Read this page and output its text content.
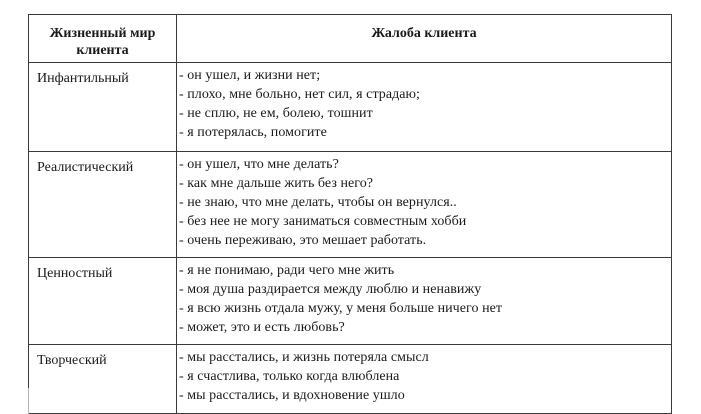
Жизненный мир клиента	Жалоба клиента
Инфантильный	- он ушел, и жизни нет;
- плохо, мне больно, нет сил, я страдаю;
- не сплю, не ем, болею, тошнит
- я потерялась, помогите

Реалистический	- он ушел, что мне делать?
- как мне дальше жить без него?
- не знаю, что мне делать, чтобы он вернулся..
- без нее не могу заниматься совместным хобби
- очень переживаю, это мешает работать.

Ценностный	- я не понимаю, ради чего мне жить
- моя душа раздирается между люблю и ненавижу
- я всю жизнь отдала мужу, у меня больше ничего нет
- может, это и есть любовь?

Творческий	- мы расстались, и жизнь потеряла смысл
- я счастлива, только когда влюблена
- мы расстались, и вдохновение ушло
